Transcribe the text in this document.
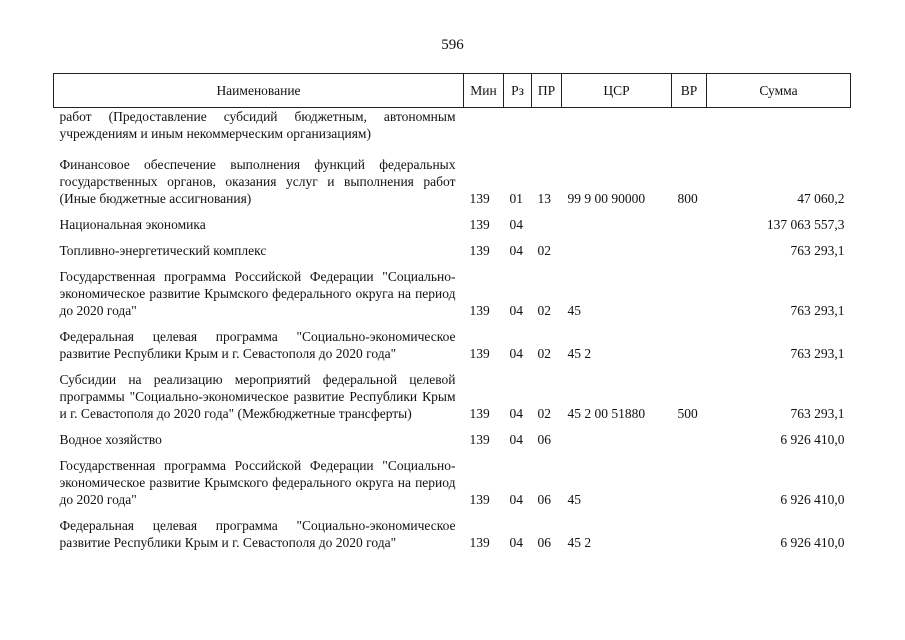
596
Наименование	Мин	Рз	ПР	ЦСР	ВР	Сумма
работ (Предоставление субсидий бюджетным, автономным учреждениям и иным некоммерческим организациям)						

Финансовое обеспечение выполнения функций федеральных государственных органов, оказания услуг и выполнения работ (Иные бюджетные ассигнования)	139	01	13	99 9 00 90000	800	47 060,2

Национальная экономика	139	04				137 063 557,3

Топливно-энергетический комплекс	139	04	02			763 293,1

Государственная программа Российской Федерации "Социально-экономическое развитие Крымского федерального округа на период до 2020 года"	139	04	02	45		763 293,1

Федеральная целевая программа "Социально-экономическое развитие Республики Крым и г. Севастополя до 2020 года"	139	04	02	45 2		763 293,1

Субсидии на реализацию мероприятий федеральной целевой программы "Социально-экономическое развитие Республики Крым и г. Севастополя до 2020 года" (Межбюджетные трансферты)	139	04	02	45 2 00 51880	500	763 293,1

Водное хозяйство	139	04	06			6 926 410,0

Государственная программа Российской Федерации "Социально-экономическое развитие Крымского федерального округа на период до 2020 года"	139	04	06	45		6 926 410,0

Федеральная целевая программа "Социально-экономическое развитие Республики Крым и г. Севастополя до 2020 года"	139	04	06	45 2		6 926 410,0
